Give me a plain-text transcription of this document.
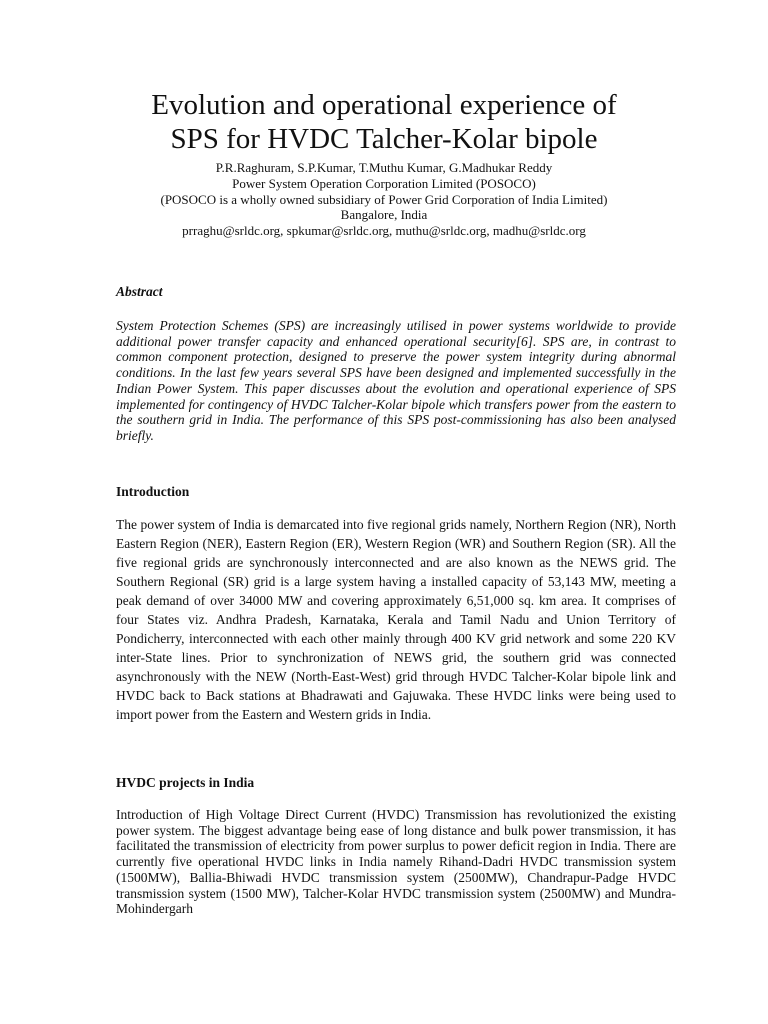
Evolution and operational experience of
SPS for HVDC Talcher-Kolar bipole
P.R.Raghuram, S.P.Kumar, T.Muthu Kumar, G.Madhukar Reddy
Power System Operation Corporation Limited (POSOCO)
(POSOCO is a wholly owned subsidiary of Power Grid Corporation of India Limited)
Bangalore, India
prraghu@srldc.org, spkumar@srldc.org, muthu@srldc.org, madhu@srldc.org
Abstract

System Protection Schemes (SPS) are increasingly utilised in power systems worldwide to provide additional power transfer capacity and enhanced operational security[6]. SPS are, in contrast to common component protection, designed to preserve the power system integrity during abnormal conditions. In the last few years several SPS have been designed and implemented successfully in the Indian Power System. This paper discusses about the evolution and operational experience of SPS implemented for contingency of HVDC Talcher-Kolar bipole which transfers power from the eastern to the southern grid in India. The performance of this SPS post-commissioning has also been analysed briefly.

Introduction

The power system of India is demarcated into five regional grids namely, Northern Region (NR), North Eastern Region (NER), Eastern Region (ER), Western Region (WR) and Southern Region (SR). All the five regional grids are synchronously interconnected and are also known as the NEWS grid. The Southern Regional (SR) grid is a large system having a installed capacity of 53,143 MW, meeting a peak demand of over 34000 MW and covering approximately 6,51,000 sq. km area. It comprises of four States viz. Andhra Pradesh, Karnataka, Kerala and Tamil Nadu and Union Territory of Pondicherry, interconnected with each other mainly through 400 KV grid network and some 220 KV inter-State lines. Prior to synchronization of NEWS grid, the southern grid was connected asynchronously with the NEW (North-East-West) grid through HVDC Talcher-Kolar bipole link and HVDC back to Back stations at Bhadrawati and Gajuwaka. These HVDC links were being used to import power from the Eastern and Western grids in India.

HVDC projects in India

Introduction of High Voltage Direct Current (HVDC) Transmission has revolutionized the existing power system. The biggest advantage being ease of long distance and bulk power transmission, it has facilitated the transmission of electricity from power surplus to power deficit region in India. There are currently five operational HVDC links in India namely Rihand-Dadri HVDC transmission system (1500MW), Ballia-Bhiwadi HVDC transmission system (2500MW), Chandrapur-Padge HVDC transmission system (1500 MW), Talcher-Kolar HVDC transmission system (2500MW) and Mundra- Mohindergarh
